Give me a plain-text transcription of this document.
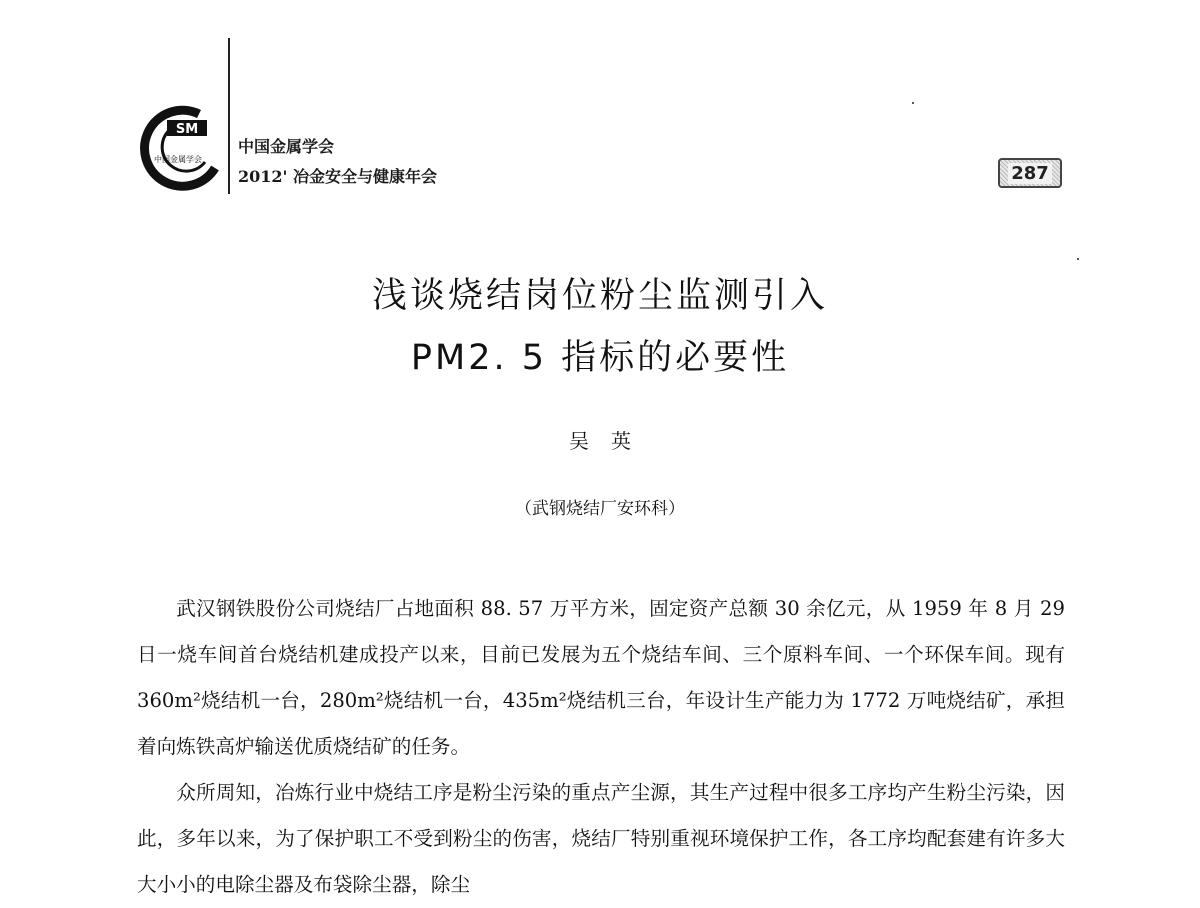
SM
中国金属学会
中国金属学会
2012' 冶金安全与健康年会	287
浅谈烧结岗位粉尘监测引入
PM2. 5 指标的必要性
吴英
（武钢烧结厂安环科）

武汉钢铁股份公司烧结厂占地面积 88. 57 万平方米，固定资产总额 30 余亿元，从 1959 年 8 月 29 日一烧车间首台烧结机建成投产以来，目前已发展为五个烧结车间、三个原料车间、一个环保车间。现有 360m²烧结机一台，280m²烧结机一台，435m²烧结机三台，年设计生产能力为 1772 万吨烧结矿，承担着向炼铁高炉输送优质烧结矿的任务。

众所周知，冶炼行业中烧结工序是粉尘污染的重点产尘源，其生产过程中很多工序均产生粉尘污染，因此，多年以来，为了保护职工不受到粉尘的伤害，烧结厂特别重视环境保护工作，各工序均配套建有许多大大小小的电除尘器及布袋除尘器，除尘
